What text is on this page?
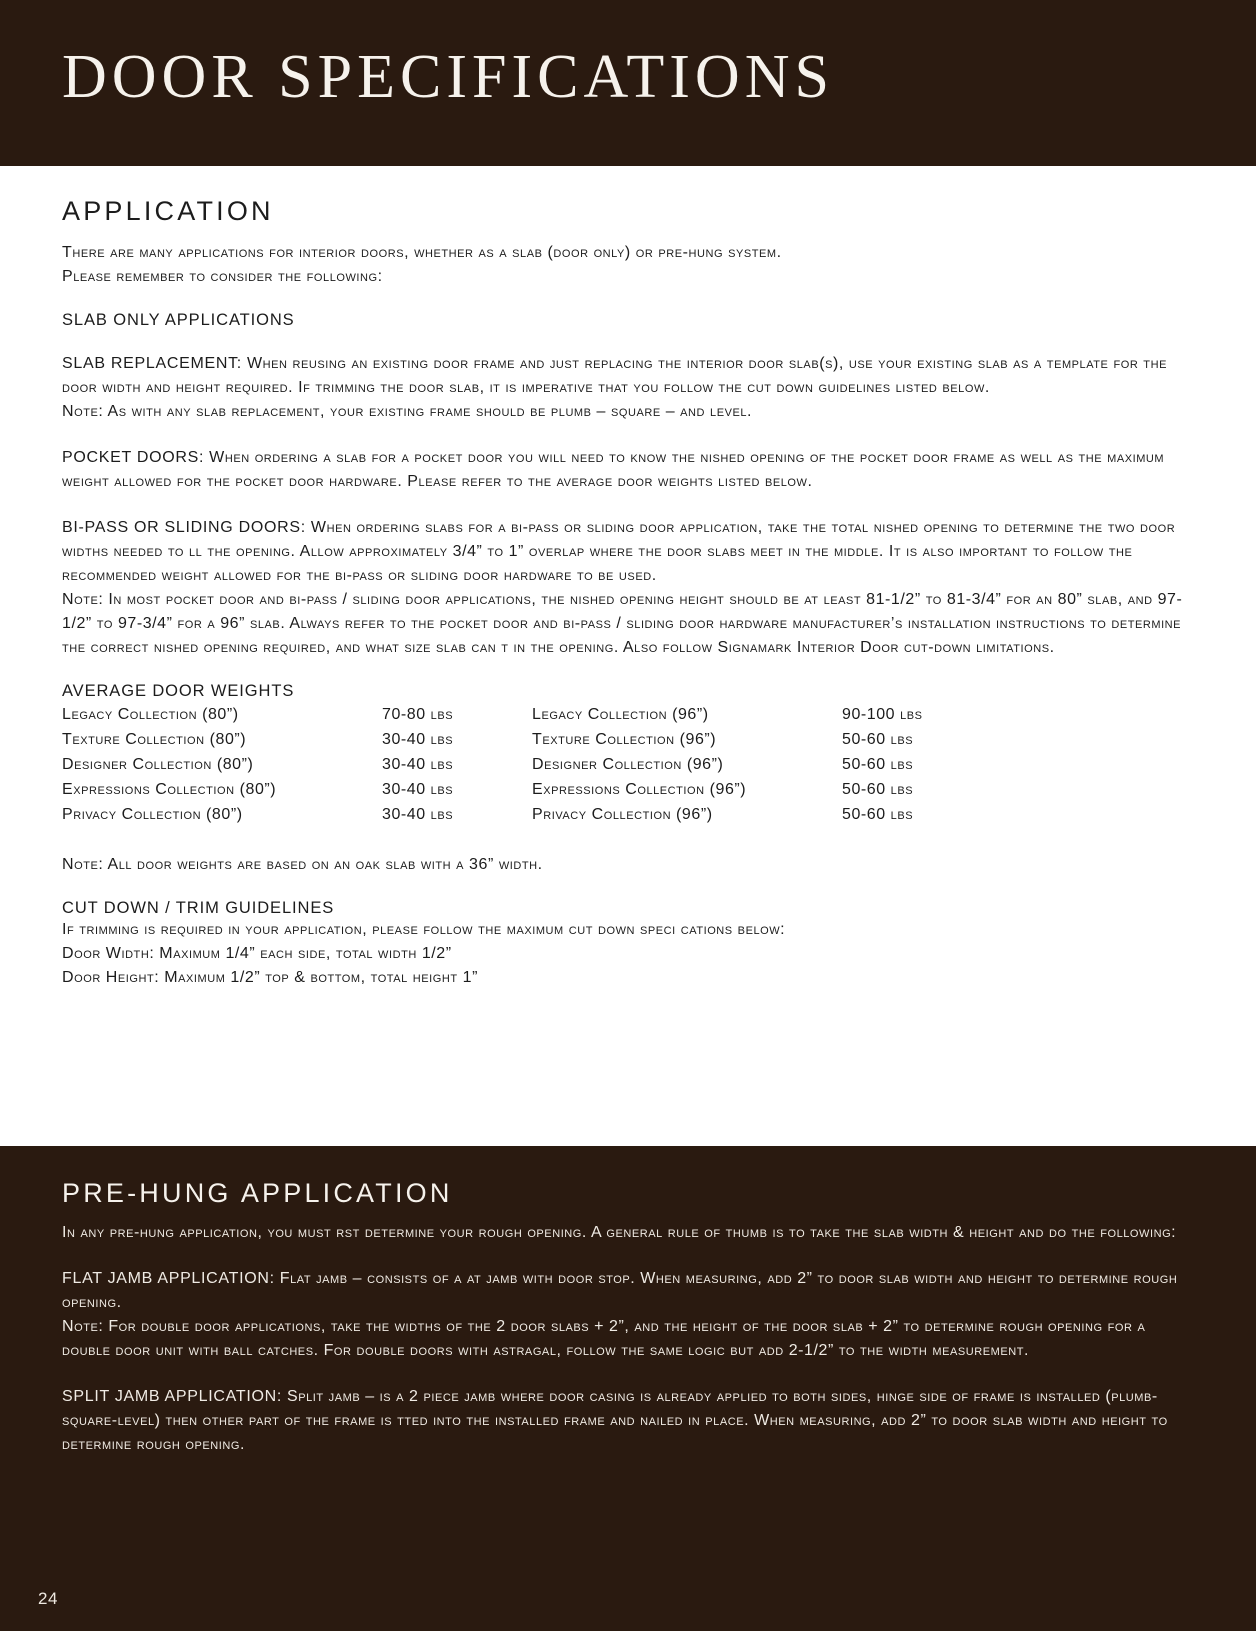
DOOR SPECIFICATIONS
APPLICATION

There are many applications for interior doors, whether as a slab (door only) or pre-hung system.

Please remember to consider the following:

SLAB ONLY APPLICATIONS

SLAB REPLACEMENT: When reusing an existing door frame and just replacing the interior door slab(s), use your existing slab as a template for the door width and height required. If trimming the door slab, it is imperative that you follow the cut down guidelines listed below.

Note: As with any slab replacement, your existing frame should be plumb – square – and level.

POCKET DOORS: When ordering a slab for a pocket door you will need to know the nished opening of the pocket door frame as well as the maximum weight allowed for the pocket door hardware. Please refer to the average door weights listed below.

BI-PASS OR SLIDING DOORS: When ordering slabs for a bi-pass or sliding door application, take the total nished opening to determine the two door widths needed to ll the opening. Allow approximately 3/4” to 1” overlap where the door slabs meet in the middle. It is also important to follow the recommended weight allowed for the bi-pass or sliding door hardware to be used.

Note: In most pocket door and bi-pass / sliding door applications, the nished opening height should be at least 81-1/2” to 81-3/4” for an 80” slab, and 97-1/2” to 97-3/4” for a 96” slab. Always refer to the pocket door and bi-pass / sliding door hardware manufacturer’s installation instructions to determine the correct nished opening required, and what size slab can t in the opening. Also follow Signamark Interior Door cut-down limitations.

AVERAGE DOOR WEIGHTS

Legacy Collection (80”)	70-80 lbs	Legacy Collection (96”)	90-100 lbs
Texture Collection (80”)	30-40 lbs	Texture Collection (96”)	50-60 lbs
Designer Collection (80”)	30-40 lbs	Designer Collection (96”)	50-60 lbs
Expressions Collection (80”)	30-40 lbs	Expressions Collection (96”)	50-60 lbs
Privacy Collection (80”)	30-40 lbs	Privacy Collection (96”)	50-60 lbs

Note: All door weights are based on an oak slab with a 36” width.

CUT DOWN / TRIM GUIDELINES

If trimming is required in your application, please follow the maximum cut down speci cations below:

Door Width: Maximum 1/4” each side, total width 1/2”

Door Height: Maximum 1/2” top & bottom, total height 1”

PRE-HUNG APPLICATION

In any pre-hung application, you must rst determine your rough opening. A general rule of thumb is to take the slab width & height and do the following:

FLAT JAMB APPLICATION: Flat jamb – consists of a at jamb with door stop. When measuring, add 2” to door slab width and height to determine rough opening.

Note: For double door applications, take the widths of the 2 door slabs + 2”, and the height of the door slab + 2” to determine rough opening for a double door unit with ball catches. For double doors with astragal, follow the same logic but add 2-1/2” to the width measurement.

SPLIT JAMB APPLICATION: Split jamb – is a 2 piece jamb where door casing is already applied to both sides, hinge side of frame is installed (plumb-square-level) then other part of the frame is tted into the installed frame and nailed in place. When measuring, add 2” to door slab width and height to determine rough opening.

24
